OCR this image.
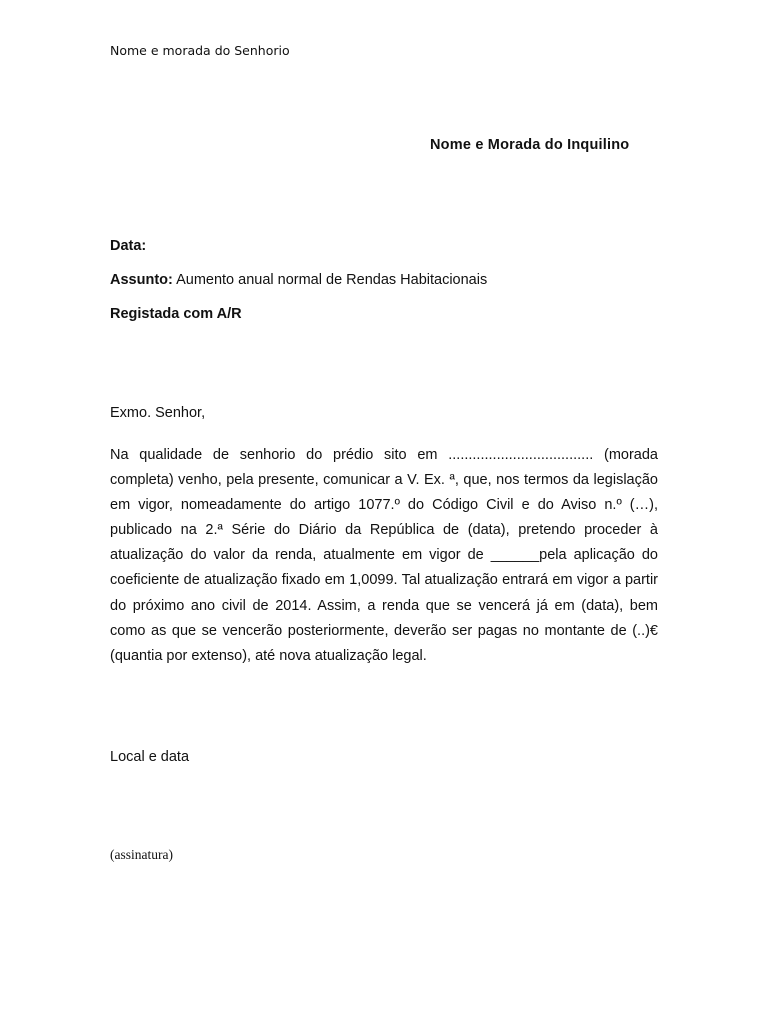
Nome e morada do Senhorio
Nome e Morada do Inquilino
Data:
Assunto: Aumento anual normal de Rendas Habitacionais
Registada com A/R
Exmo. Senhor,
Na qualidade de senhorio do prédio sito em .................................... (morada completa) venho, pela presente, comunicar a V. Ex. ª, que, nos termos da legislação em vigor, nomeadamente do artigo 1077.º do Código Civil e do Aviso n.º (…), publicado na 2.ª Série do Diário da República de (data), pretendo proceder à atualização do valor da renda, atualmente em vigor de ______pela aplicação do coeficiente de atualização fixado em 1,0099. Tal atualização entrará em vigor a partir do próximo ano civil de 2014. Assim, a renda que se vencerá já em (data), bem como as que se vencerão posteriormente, deverão ser pagas no montante de (..)€ (quantia por extenso), até nova atualização legal.
Local e data
(assinatura)
